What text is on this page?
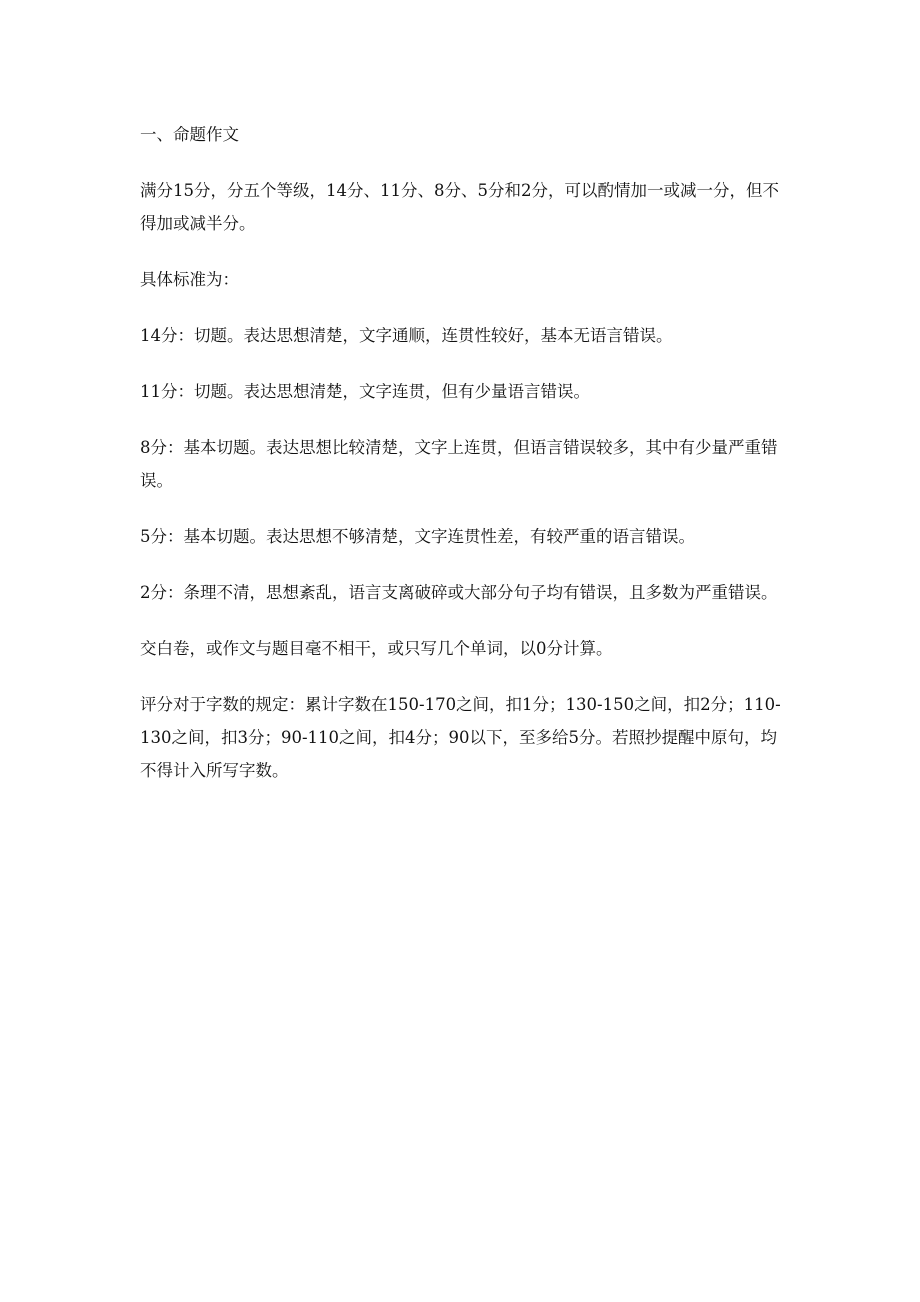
一、命题作文

满分15分，分五个等级，14分、11分、8分、5分和2分，可以酌情加一或减一分，但不得加或减半分。

具体标准为：

14分：切题。表达思想清楚，文字通顺，连贯性较好，基本无语言错误。

11分：切题。表达思想清楚，文字连贯，但有少量语言错误。

8分：基本切题。表达思想比较清楚，文字上连贯，但语言错误较多，其中有少量严重错误。

5分：基本切题。表达思想不够清楚，文字连贯性差，有较严重的语言错误。

2分：条理不清，思想紊乱，语言支离破碎或大部分句子均有错误，且多数为严重错误。

交白卷，或作文与题目毫不相干，或只写几个单词，以0分计算。

评分对于字数的规定：累计字数在150-170之间，扣1分；130-150之间，扣2分；110-130之间，扣3分；90-110之间，扣4分；90以下，至多给5分。若照抄提醒中原句，均不得计入所写字数。
